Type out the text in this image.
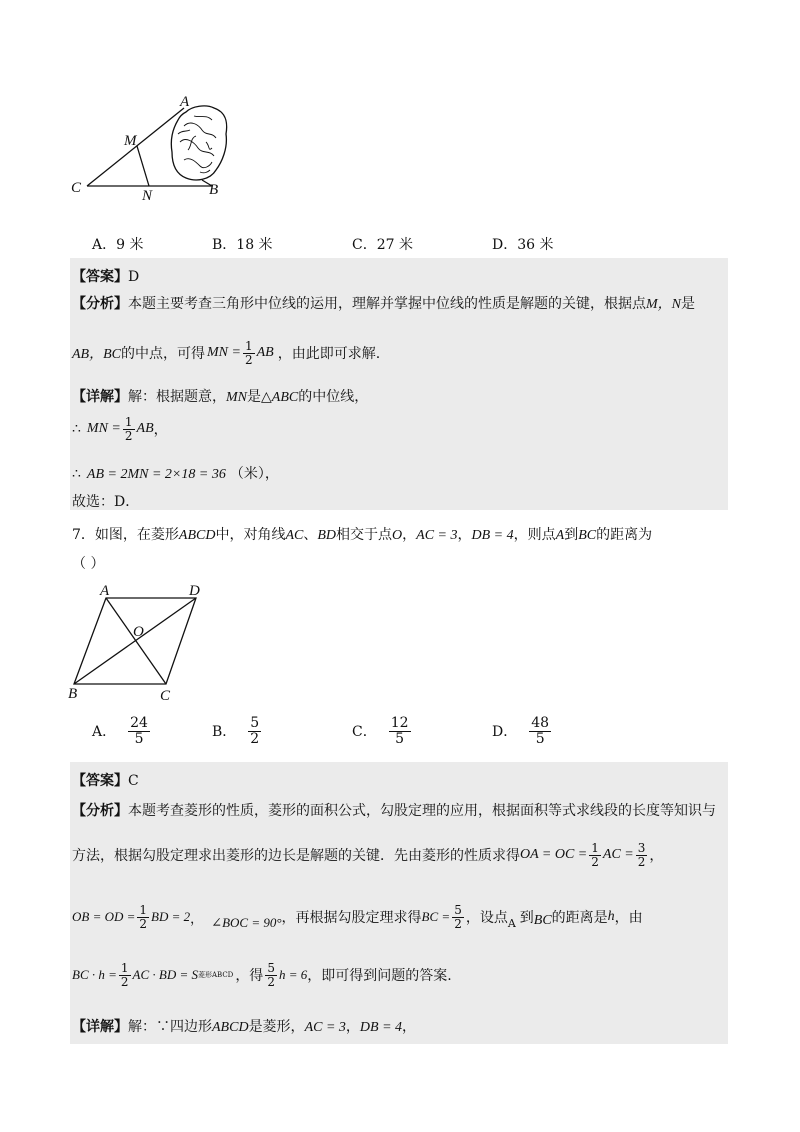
A
M
C	N	B
A．9 米	B．18 米	C．27 米	D．36 米
【答案】D
【分析】本题主要考查三角形中位线的运用，理解并掌握中位线的性质是解题的关键，根据点M，N是
AB，BC 的中点，可得 MN = $\frac{1}{2}$ AB ，由此即可求解.
【详解】解：根据题意，MN是△ABC的中位线，
∴ MN = $\frac{1}{2}$ AB ，
∴ AB = 2MN = 2×18 = 36 （米），
故选：D．
7．如图，在菱形ABCD中，对角线AC、BD相交于点O，AC = 3，DB = 4，则点A到BC的距离为
（ ）
A	D
O
B	C
A． $\frac{24}{5}$	B． $\frac{5}{2}$	C． $\frac{12}{5}$	D． $\frac{48}{5}$
【答案】C
【分析】本题考查菱形的性质，菱形的面积公式，勾股定理的应用，根据面积等式求线段的长度等知识与
方法，根据勾股定理求出菱形的边长是解题的关键．先由菱形的性质求得 OA = OC = $\frac{1}{2}$ AC = $\frac{3}{2}$ ，
OB = OD = $\frac{1}{2}$ BD = 2 ， ∠BOC = 90° ，再根据勾股定理求得 BC = $\frac{5}{2}$ ，设点 A 到 BC 的距离是 h ，由
BC · $h = \frac{1}{2}$ AC · BD = S 菱形ABCD ，得 $\frac{5}{2}$ h = 6 ，即可得到问题的答案.
【详解】解：∵四边形ABCD是菱形，AC = 3，DB = 4，
